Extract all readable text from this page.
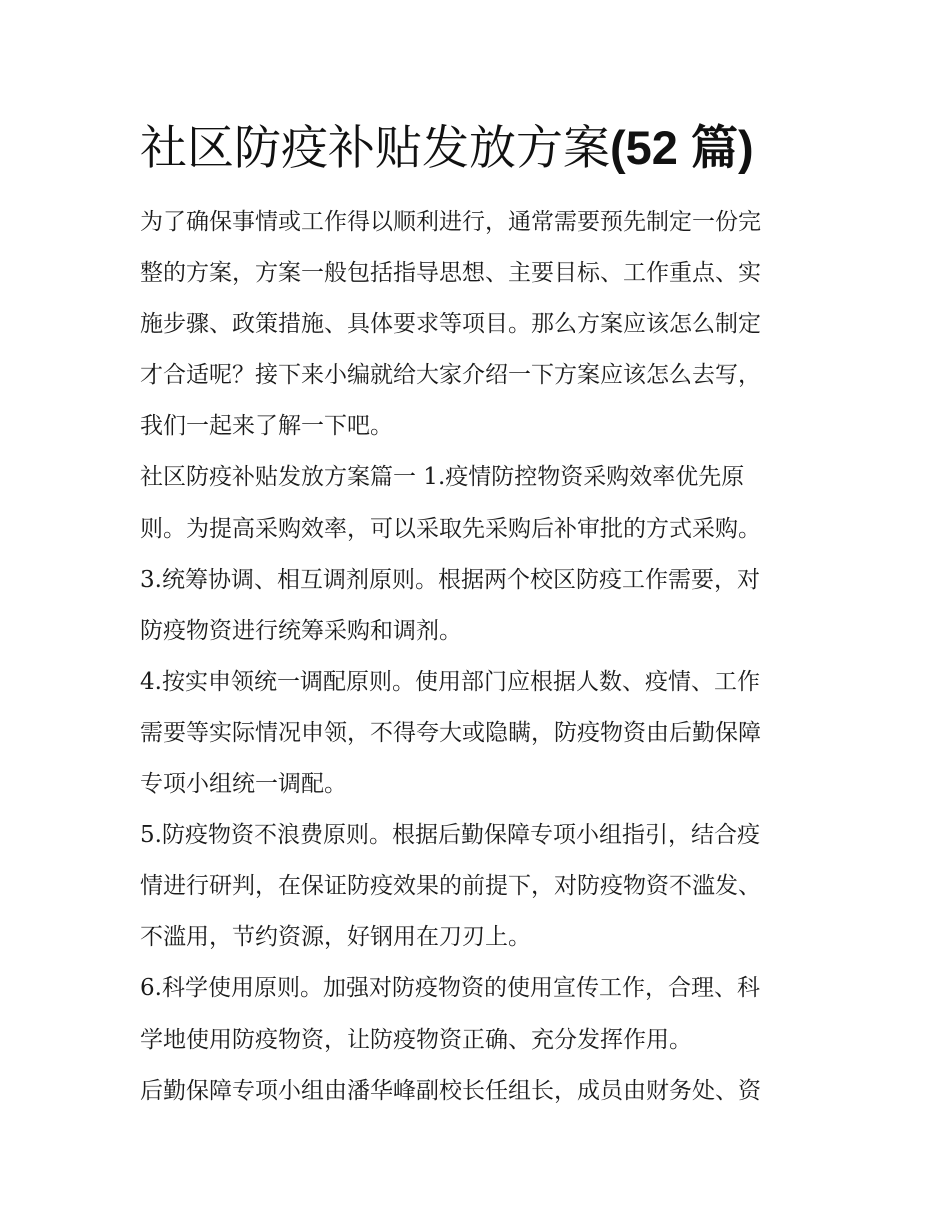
社区防疫补贴发放方案(52 篇)

为了确保事情或工作得以顺利进行，通常需要预先制定一份完
整的方案，方案一般包括指导思想、主要目标、工作重点、实
施步骤、政策措施、具体要求等项目。那么方案应该怎么制定
才合适呢？接下来小编就给大家介绍一下方案应该怎么去写，
我们一起来了解一下吧。

社区防疫补贴发放方案篇一 1.疫情防控物资采购效率优先原
则。为提高采购效率，可以采取先采购后补审批的方式采购。

3.统筹协调、相互调剂原则。根据两个校区防疫工作需要，对
防疫物资进行统筹采购和调剂。

4.按实申领统一调配原则。使用部门应根据人数、疫情、工作
需要等实际情况申领，不得夸大或隐瞒，防疫物资由后勤保障
专项小组统一调配。

5.防疫物资不浪费原则。根据后勤保障专项小组指引，结合疫
情进行研判，在保证防疫效果的前提下，对防疫物资不滥发、
不滥用，节约资源，好钢用在刀刃上。

6.科学使用原则。加强对防疫物资的使用宣传工作，合理、科
学地使用防疫物资，让防疫物资正确、充分发挥作用。

后勤保障专项小组由潘华峰副校长任组长，成员由财务处、资
